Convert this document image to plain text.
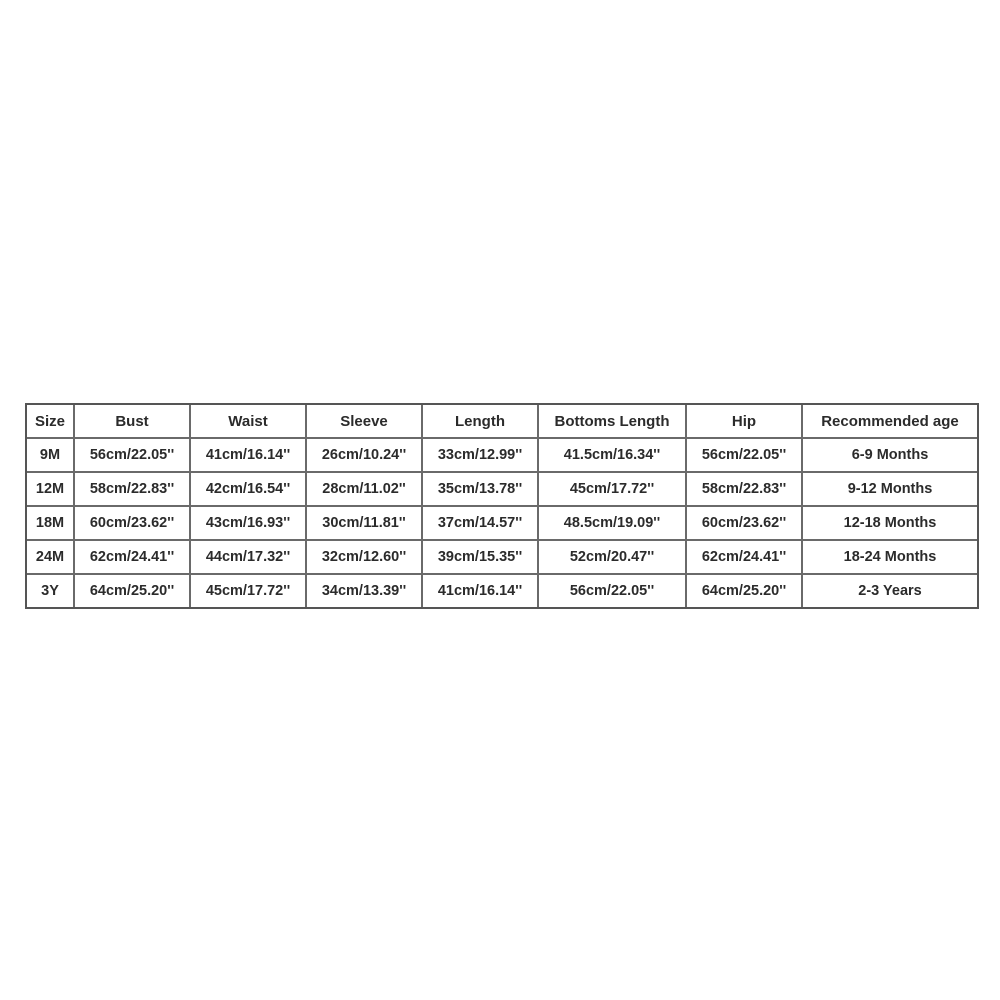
Size	Bust	Waist	Sleeve	Length	Bottoms Length	Hip	Recommended age
9M	56cm/22.05''	41cm/16.14''	26cm/10.24''	33cm/12.99''	41.5cm/16.34''	56cm/22.05''	6-9 Months
12M	58cm/22.83''	42cm/16.54''	28cm/11.02''	35cm/13.78''	45cm/17.72''	58cm/22.83''	9-12 Months
18M	60cm/23.62''	43cm/16.93''	30cm/11.81''	37cm/14.57''	48.5cm/19.09''	60cm/23.62''	12-18 Months
24M	62cm/24.41''	44cm/17.32''	32cm/12.60''	39cm/15.35''	52cm/20.47''	62cm/24.41''	18-24 Months
3Y	64cm/25.20''	45cm/17.72''	34cm/13.39''	41cm/16.14''	56cm/22.05''	64cm/25.20''	2-3 Years
